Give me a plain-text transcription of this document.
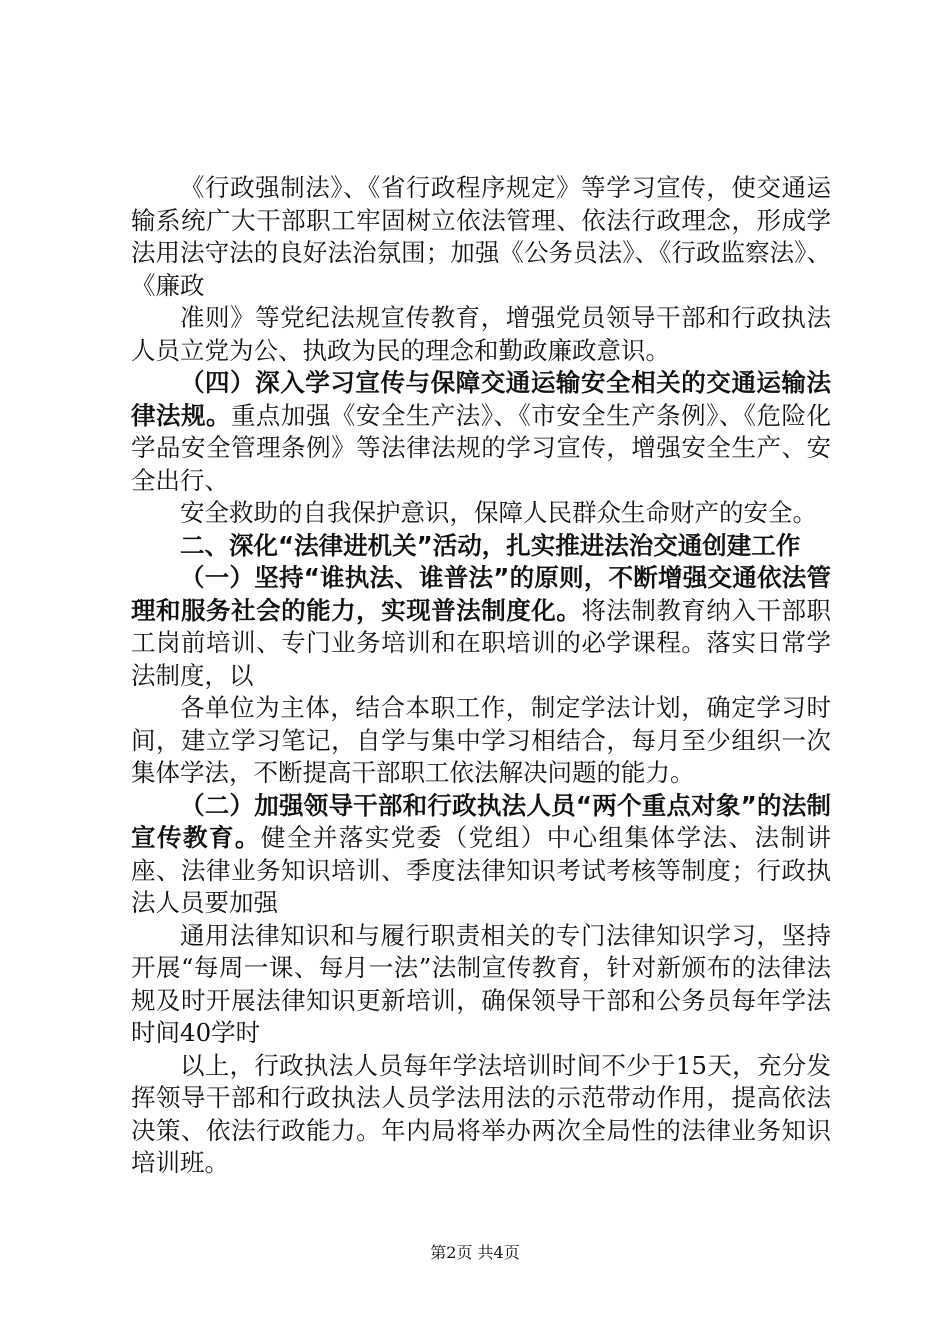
《行政强制法》、《省行政程序规定》等学习宣传，使交通运输系统广大干部职工牢固树立依法管理、依法行政理念，形成学法用法守法的良好法治氛围；加强《公务员法》、《行政监察法》、《廉政

准则》等党纪法规宣传教育，增强党员领导干部和行政执法人员立党为公、执政为民的理念和勤政廉政意识。

（四）深入学习宣传与保障交通运输安全相关的交通运输法律法规。重点加强《安全生产法》、《市安全生产条例》、《危险化学品安全管理条例》等法律法规的学习宣传，增强安全生产、安全出行、

安全救助的自我保护意识，保障人民群众生命财产的安全。

二、深化“法律进机关”活动，扎实推进法治交通创建工作

（一）坚持“谁执法、谁普法”的原则，不断增强交通依法管理和服务社会的能力，实现普法制度化。将法制教育纳入干部职工岗前培训、专门业务培训和在职培训的必学课程。落实日常学法制度，以

各单位为主体，结合本职工作，制定学法计划，确定学习时间，建立学习笔记，自学与集中学习相结合，每月至少组织一次集体学法，不断提高干部职工依法解决问题的能力。

（二）加强领导干部和行政执法人员“两个重点对象”的法制宣传教育。健全并落实党委（党组）中心组集体学法、法制讲座、法律业务知识培训、季度法律知识考试考核等制度；行政执法人员要加强

通用法律知识和与履行职责相关的专门法律知识学习，坚持开展“每周一课、每月一法”法制宣传教育，针对新颁布的法律法规及时开展法律知识更新培训，确保领导干部和公务员每年学法时间40学时

以上，行政执法人员每年学法培训时间不少于15天，充分发挥领导干部和行政执法人员学法用法的示范带动作用，提高依法决策、依法行政能力。年内局将举办两次全局性的法律业务知识培训班。

第2页 共4页
